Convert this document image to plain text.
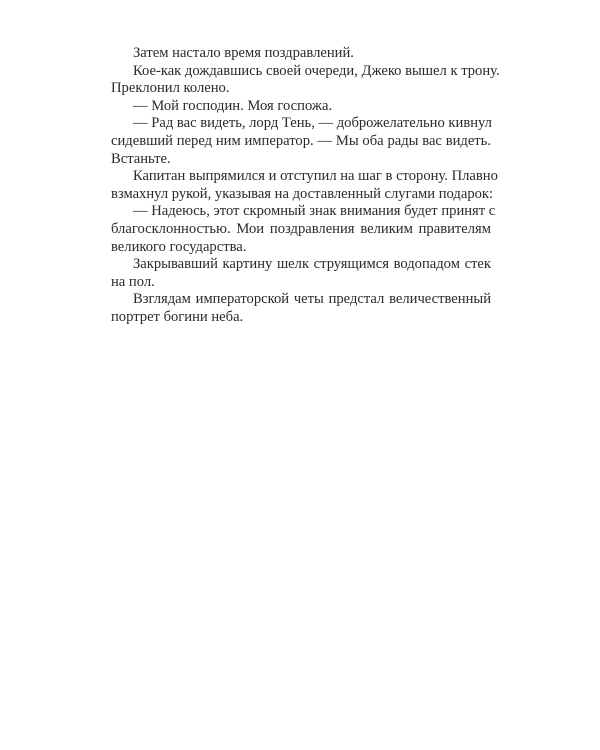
Затем настало время поздравлений.

Кое-как дождавшись своей очереди, Джеко вышел к трону.
Преклонил колено.

— Мой господин. Моя госпожа.

— Рад вас видеть, лорд Тень, — доброжелательно кивнул
сидевший перед ним император. — Мы оба рады вас видеть.
Встаньте.

Капитан выпрямился и отступил на шаг в сторону. Плавно
взмахнул рукой, указывая на доставленный слугами подарок:

— Надеюсь, этот скромный знак внимания будет принят с
благосклонностью. Мои поздравления великим правителям
великого государства.

Закрывавший картину шелк струящимся водопадом стек
на пол.

Взглядам императорской четы предстал величественный
портрет богини неба.
